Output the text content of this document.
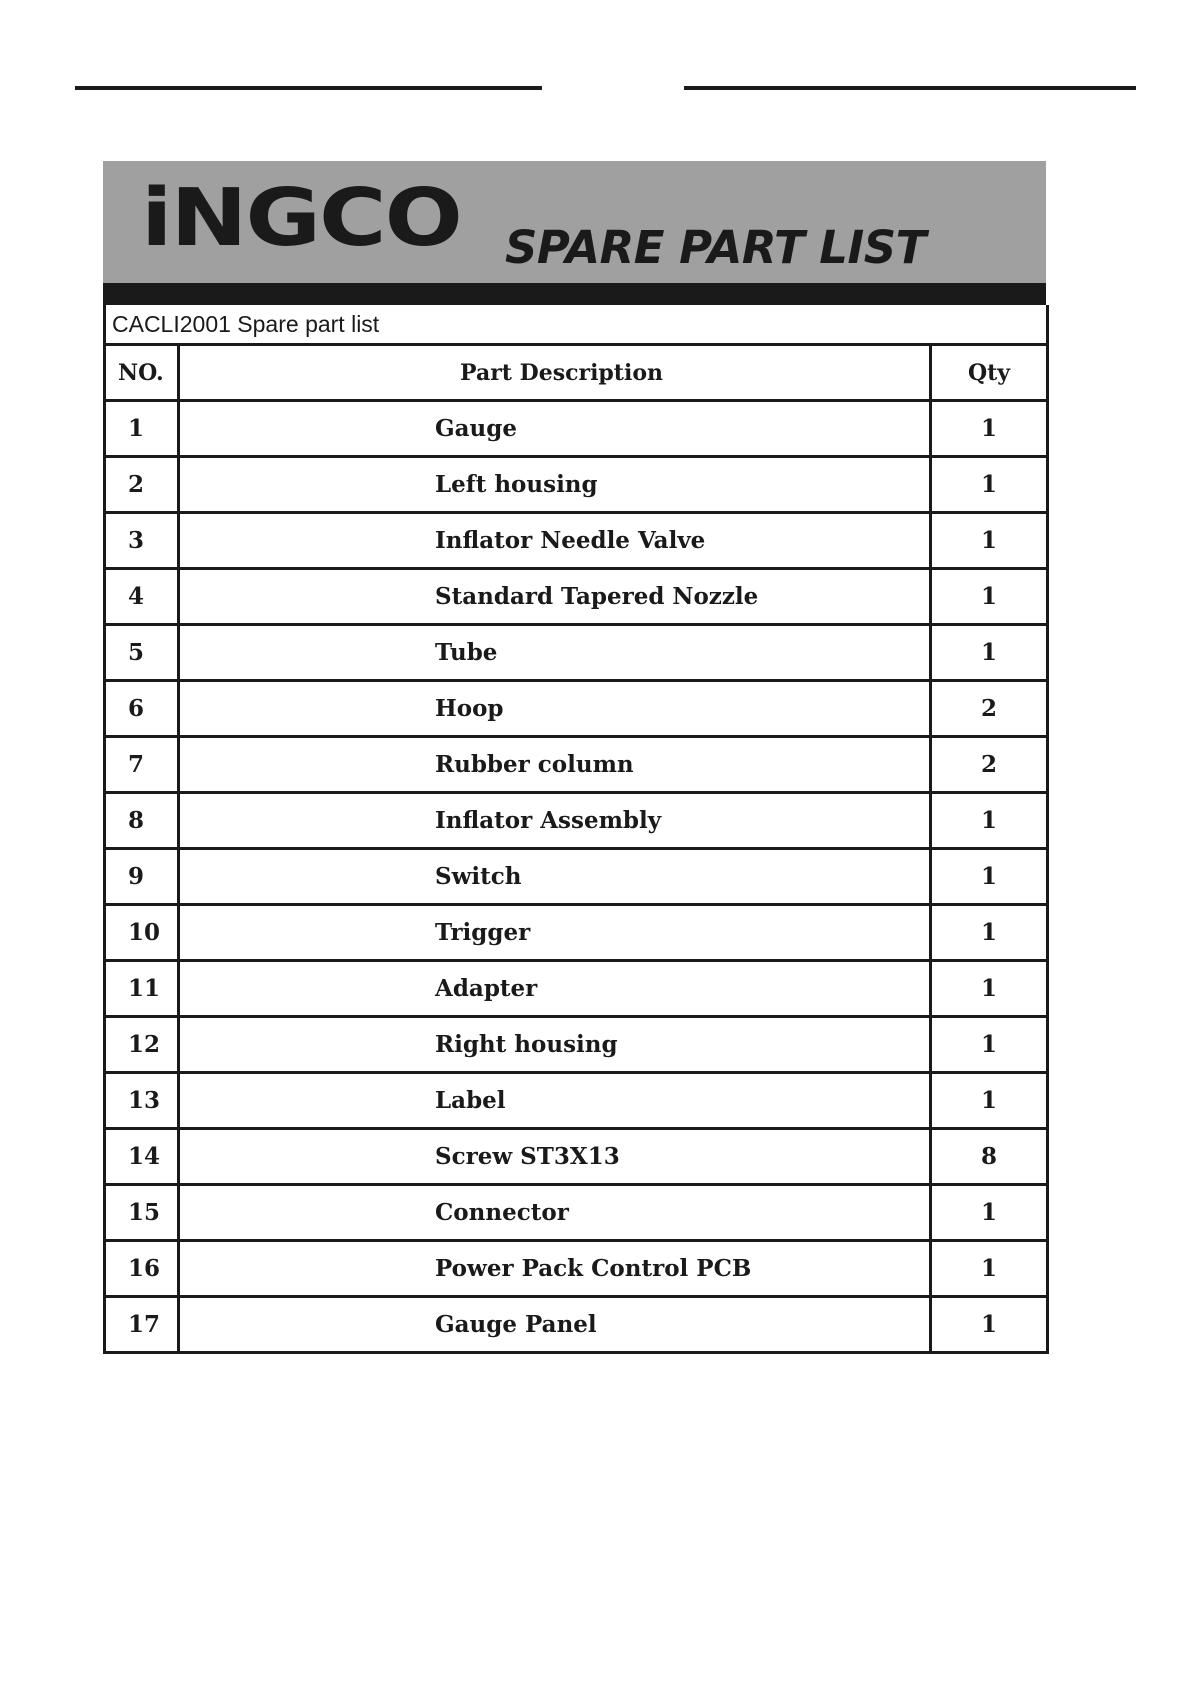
iNGCO SPARE PART LIST
CACLI2001 Spare part list		
NO.	Part Description	Qty
1	Gauge	1
2	Left housing	1
3	Inflator Needle Valve	1
4	Standard Tapered Nozzle	1
5	Tube	1
6	Hoop	2
7	Rubber column	2
8	Inflator Assembly	1
9	Switch	1
10	Trigger	1
11	Adapter	1
12	Right housing	1
13	Label	1
14	Screw ST3X13	8
15	Connector	1
16	Power Pack Control PCB	1
17	Gauge Panel	1
